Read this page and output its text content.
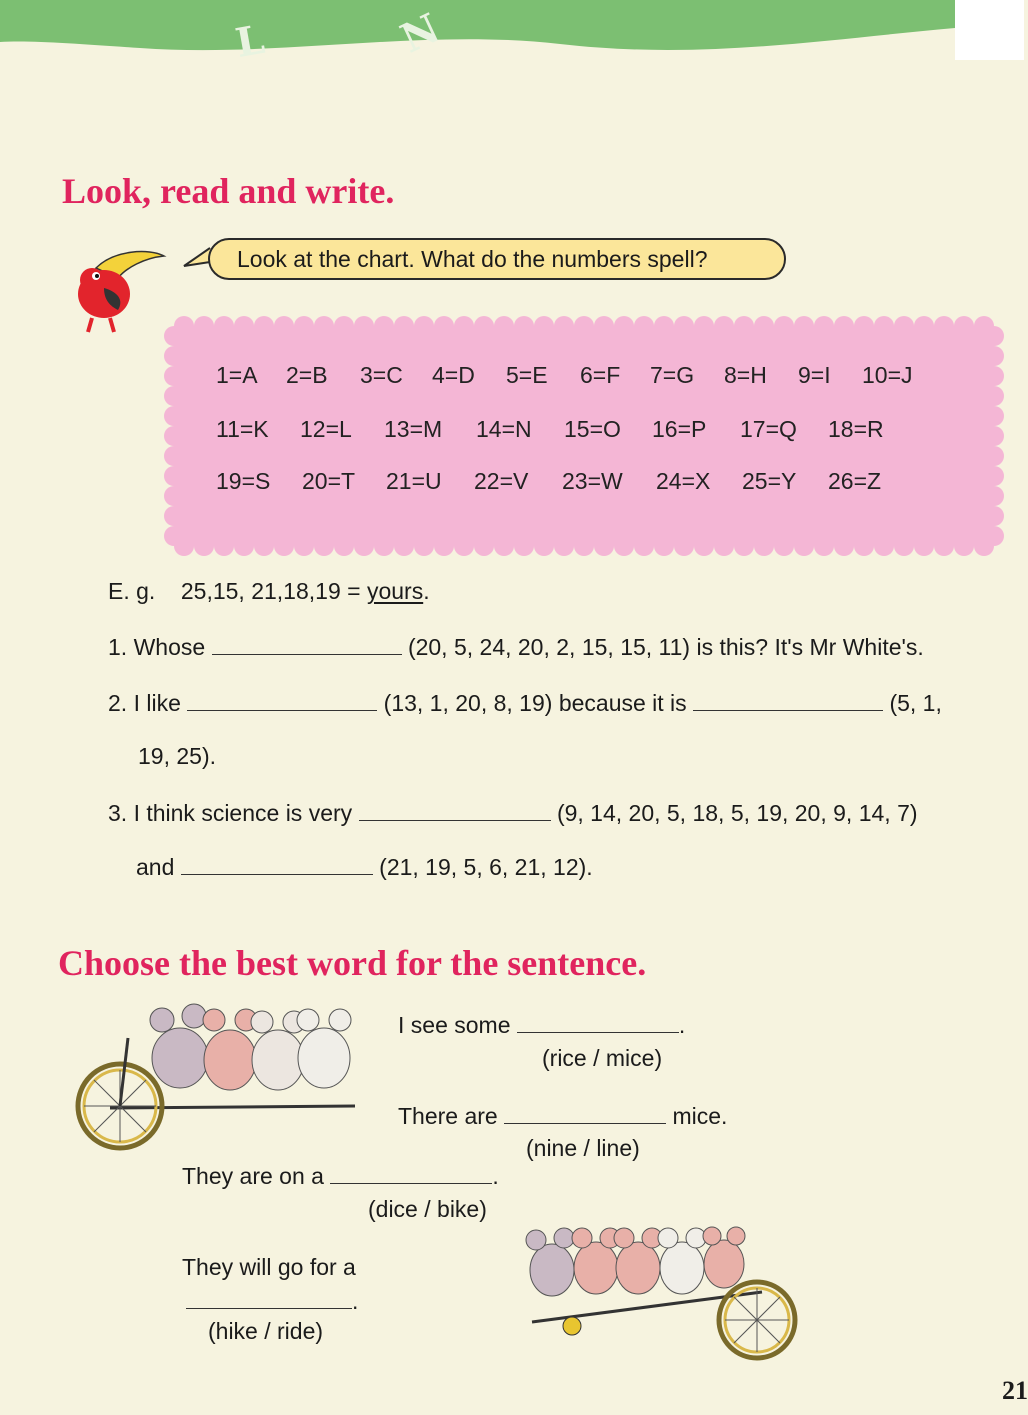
L	N
Look, read and write.
Look at the chart. What do the numbers spell?
1=A 2=B 3=C 4=D 5=E 6=F 7=G 8=H 9=I 10=J
11=K 12=L 13=M 14=N 15=O 16=P 17=Q 18=R
19=S 20=T 21=U 22=V 23=W 24=X 25=Y 26=Z
E. g. 25,15, 21,18,19 = yours.
1. Whose	(20, 5, 24, 20, 2, 15, 15, 11) is this? It's Mr White's.
2. I like	(13, 1, 20, 8, 19) because it is	(5, 1,
19, 25).
3. I think science is very	(9, 14, 20, 5, 18, 5, 19, 20, 9, 14, 7)
and	(21, 19, 5, 6, 21, 12).
Choose the best word for the sentence.
I see some	.
(rice / mice)
There are	mice.
(nine / line)
They are on a	.
(dice / bike)
They will go for a
.
(hike / ride)
21
